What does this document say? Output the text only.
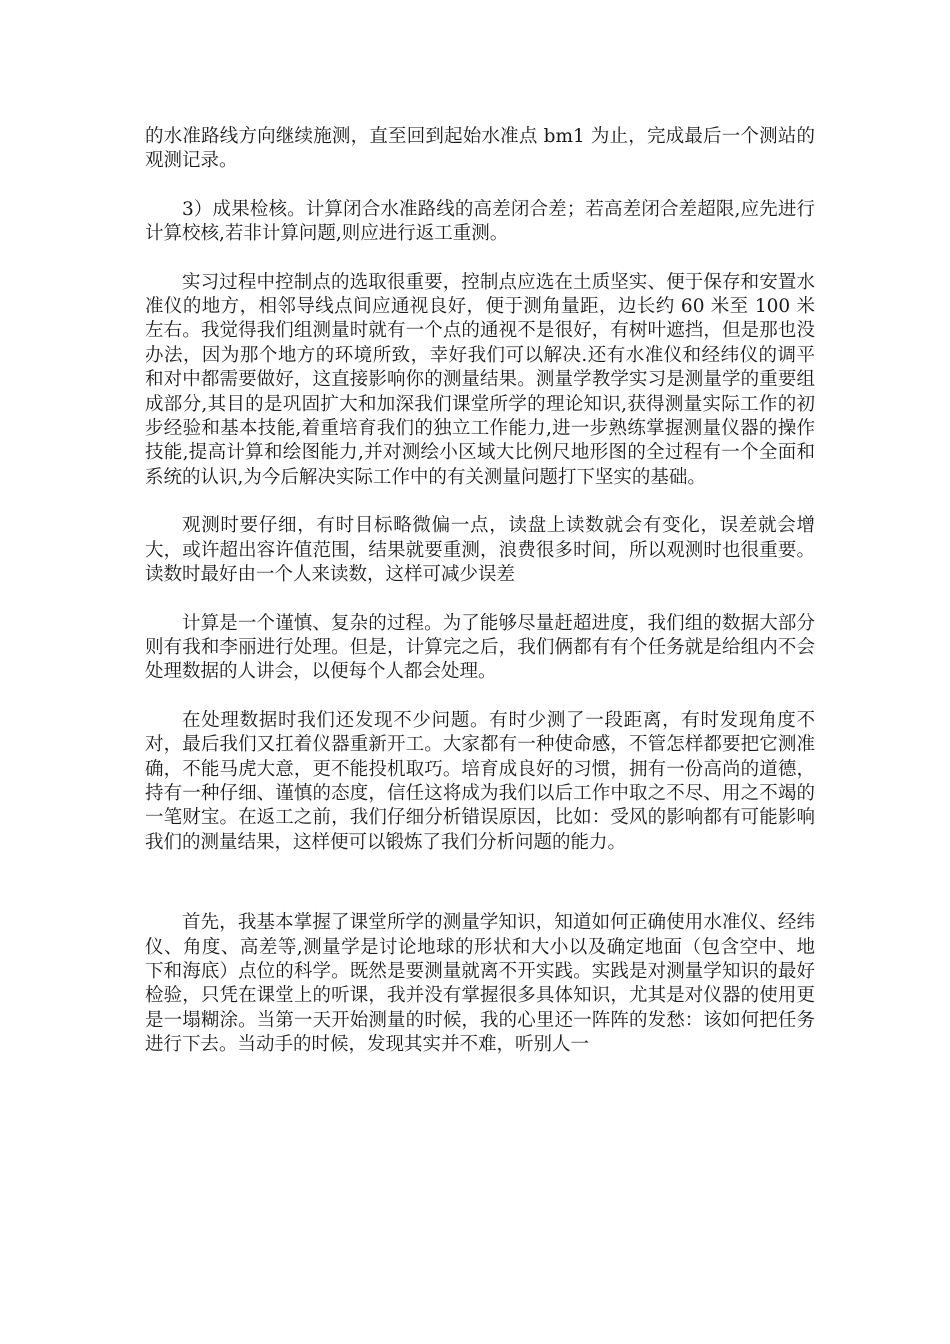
的水准路线方向继续施测，直至回到起始水准点 bm1 为止，完成最后一个测站的观测记录。

3）成果检核。计算闭合水准路线的高差闭合差；若高差闭合差超限,应先进行计算校核,若非计算问题,则应进行返工重测。

实习过程中控制点的选取很重要，控制点应选在土质坚实、便于保存和安置水准仪的地方，相邻导线点间应通视良好，便于测角量距，边长约 60 米至 100 米左右。我觉得我们组测量时就有一个点的通视不是很好，有树叶遮挡，但是那也没办法，因为那个地方的环境所致，幸好我们可以解决.还有水准仪和经纬仪的调平和对中都需要做好，这直接影响你的测量结果。测量学教学实习是测量学的重要组成部分,其目的是巩固扩大和加深我们课堂所学的理论知识,获得测量实际工作的初步经验和基本技能,着重培育我们的独立工作能力,进一步熟练掌握测量仪器的操作技能,提高计算和绘图能力,并对测绘小区域大比例尺地形图的全过程有一个全面和系统的认识,为今后解决实际工作中的有关测量问题打下坚实的基础。

观测时要仔细，有时目标略微偏一点，读盘上读数就会有变化，误差就会增大，或许超出容许值范围，结果就要重测，浪费很多时间，所以观测时也很重要。读数时最好由一个人来读数，这样可减少误差

计算是一个谨慎、复杂的过程。为了能够尽量赶超进度，我们组的数据大部分则有我和李丽进行处理。但是，计算完之后，我们俩都有有个任务就是给组内不会处理数据的人讲会，以便每个人都会处理。

在处理数据时我们还发现不少问题。有时少测了一段距离，有时发现角度不对，最后我们又扛着仪器重新开工。大家都有一种使命感，不管怎样都要把它测准确，不能马虎大意，更不能投机取巧。培育成良好的习惯，拥有一份高尚的道德，持有一种仔细、谨慎的态度，信任这将成为我们以后工作中取之不尽、用之不竭的一笔财宝。在返工之前，我们仔细分析错误原因，比如：受风的影响都有可能影响我们的测量结果，这样便可以锻炼了我们分析问题的能力。

首先，我基本掌握了课堂所学的测量学知识，知道如何正确使用水准仪、经纬仪、角度、高差等,测量学是讨论地球的形状和大小以及确定地面（包含空中、地下和海底）点位的科学。既然是要测量就离不开实践。实践是对测量学知识的最好检验，只凭在课堂上的听课，我并没有掌握很多具体知识，尤其是对仪器的使用更是一塌糊涂。当第一天开始测量的时候，我的心里还一阵阵的发愁：该如何把任务进行下去。当动手的时候，发现其实并不难，听别人一
